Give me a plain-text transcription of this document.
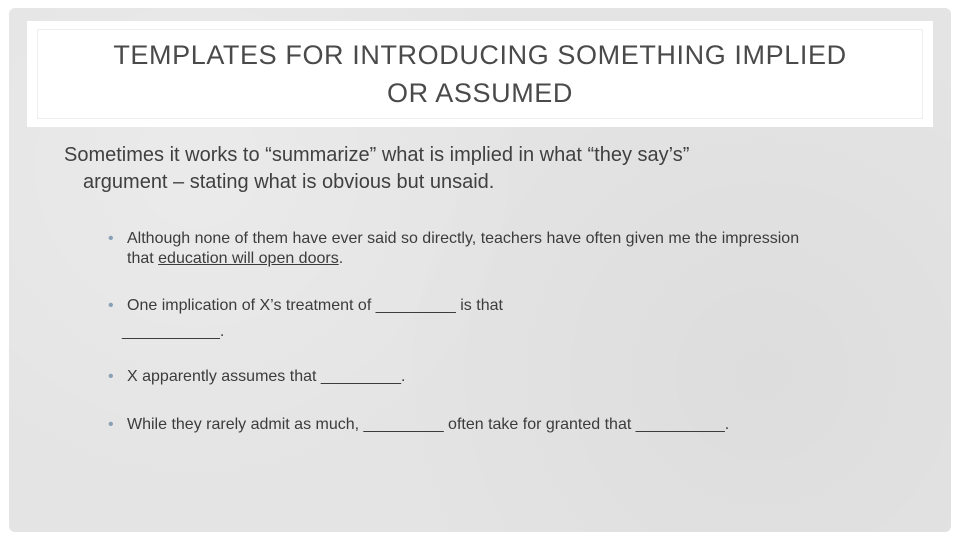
TEMPLATES FOR INTRODUCING SOMETHING IMPLIED
OR ASSUMED
Sometimes it works to “summarize” what is implied in what “they say’s”
argument – stating what is obvious but unsaid.
• Although none of them have ever said so directly, teachers have often given me the impression
that education will open doors.
• One implication of X’s treatment of _________ is that
___________.
• X apparently assumes that _________.
• While they rarely admit as much, _________ often take for granted that __________.
